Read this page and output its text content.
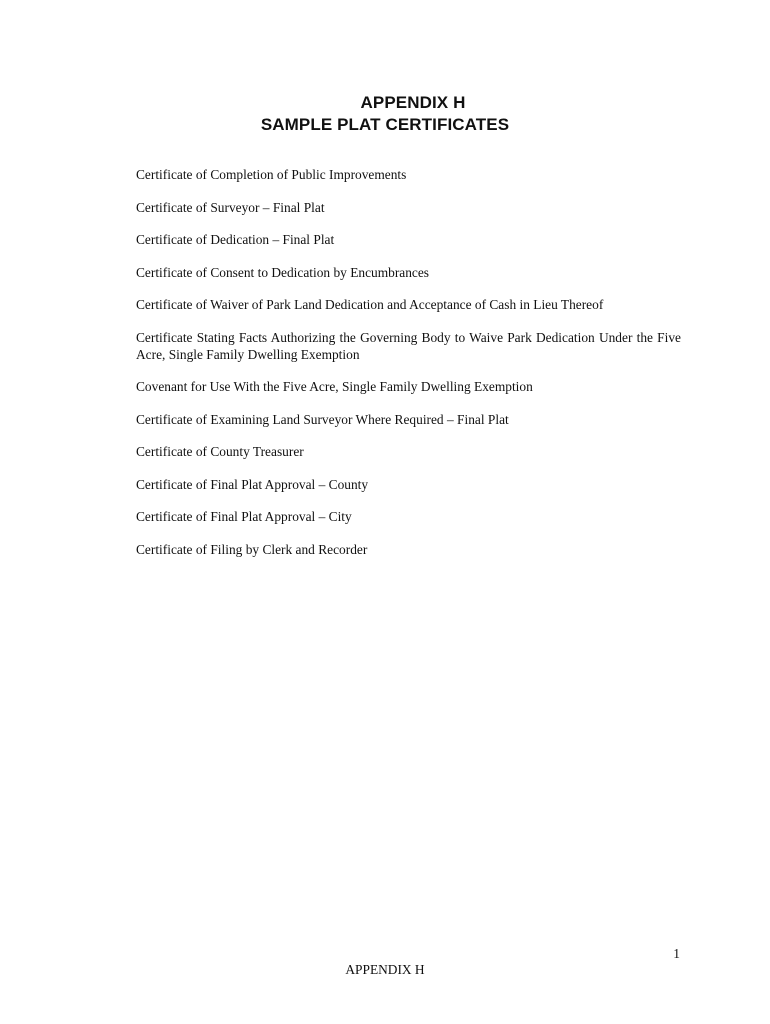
APPENDIX H
SAMPLE PLAT CERTIFICATES
Certificate of Completion of Public Improvements
Certificate of Surveyor – Final Plat
Certificate of Dedication – Final Plat
Certificate of Consent to Dedication by Encumbrances
Certificate of Waiver of Park Land Dedication and Acceptance of Cash in Lieu Thereof
Certificate Stating Facts Authorizing the Governing Body to Waive Park Dedication Under the Five Acre, Single Family Dwelling Exemption
Covenant for Use With the Five Acre, Single Family Dwelling Exemption
Certificate of Examining Land Surveyor Where Required – Final Plat
Certificate of County Treasurer
Certificate of Final Plat Approval – County
Certificate of Final Plat Approval – City
Certificate of Filing by Clerk and Recorder
1
APPENDIX H
